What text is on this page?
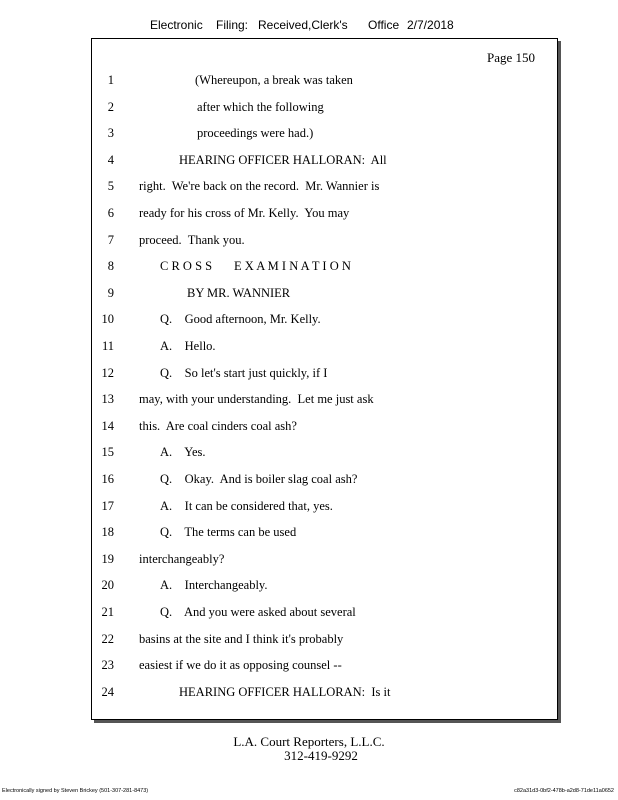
Electronic Filing: Received,Clerk's Office 2/7/2018
Page 150
1	(Whereupon, a break was taken
2	after which the following
3	proceedings were had.)
4	HEARING OFFICER HALLORAN:  All
5 right.  We're back on the record.  Mr. Wannier is
6 ready for his cross of Mr. Kelly.  You may
7 proceed.  Thank you.
8	C R O S S       E X A M I N A T I O N
9	BY MR. WANNIER
10	Q.    Good afternoon, Mr. Kelly.
11	A.    Hello.
12	Q.    So let's start just quickly, if I
13 may, with your understanding.  Let me just ask
14 this.  Are coal cinders coal ash?
15	A.    Yes.
16	Q.    Okay.  And is boiler slag coal ash?
17	A.    It can be considered that, yes.
18	Q.    The terms can be used
19 interchangeably?
20	A.    Interchangeably.
21	Q.    And you were asked about several
22 basins at the site and I think it's probably
23 easiest if we do it as opposing counsel --
24	HEARING OFFICER HALLORAN:  Is it
L.A. Court Reporters, L.L.C.
312-419-9292
Electronically signed by Steven Brickey (501-307-281-8473)	c82a31d3-0bf2-478b-a2d8-71de11a0652
